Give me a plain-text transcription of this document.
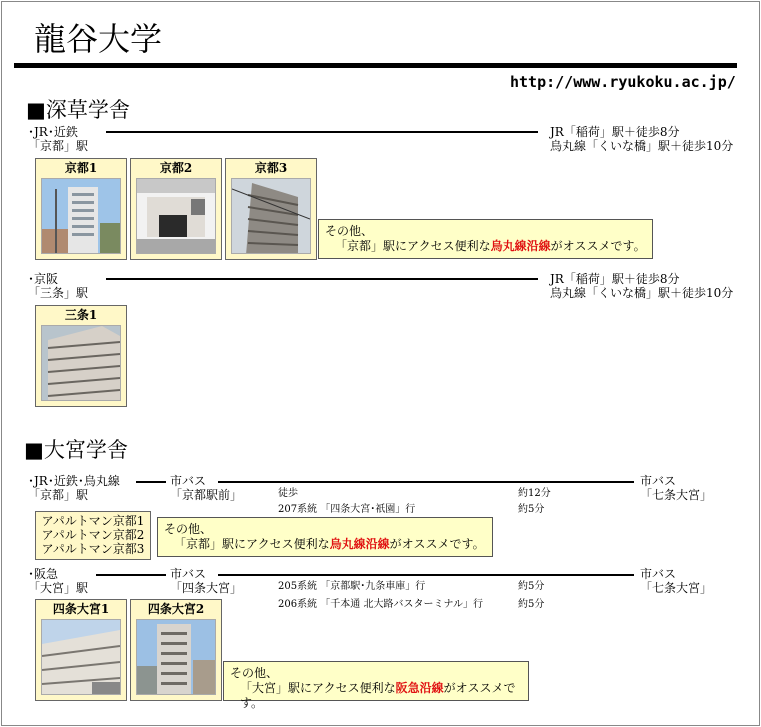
龍谷大学
http://www.ryukoku.ac.jp/
■深草学舎
･JR･近鉄
「京都」駅
JR「稲荷」駅＋徒歩8分
烏丸線「くいな橋」駅＋徒歩10分
京都1	京都2	京都3
その他、
「京都」駅にアクセス便利な烏丸線沿線がオススメです。
･京阪
「三条」駅
JR「稲荷」駅＋徒歩8分
烏丸線「くいな橋」駅＋徒歩10分
三条1
■大宮学舎
･JR･近鉄･烏丸線
「京都」駅
市バス
「京都駅前」
市バス
「七条大宮」
徒歩	約12分
207系統 「四条大宮･祇園」行	約5分
アパルトマン京都1
アパルトマン京都2
アパルトマン京都3
その他、
「京都」駅にアクセス便利な烏丸線沿線がオススメです。
･阪急
「大宮」駅
市バス
「四条大宮」
市バス
「七条大宮」
205系統 「京都駅･九条車庫」行	約5分
206系統 「千本通 北大路バスターミナル」行	約5分
四条大宮1	四条大宮2
その他、
「大宮」駅にアクセス便利な阪急沿線がオススメです。
